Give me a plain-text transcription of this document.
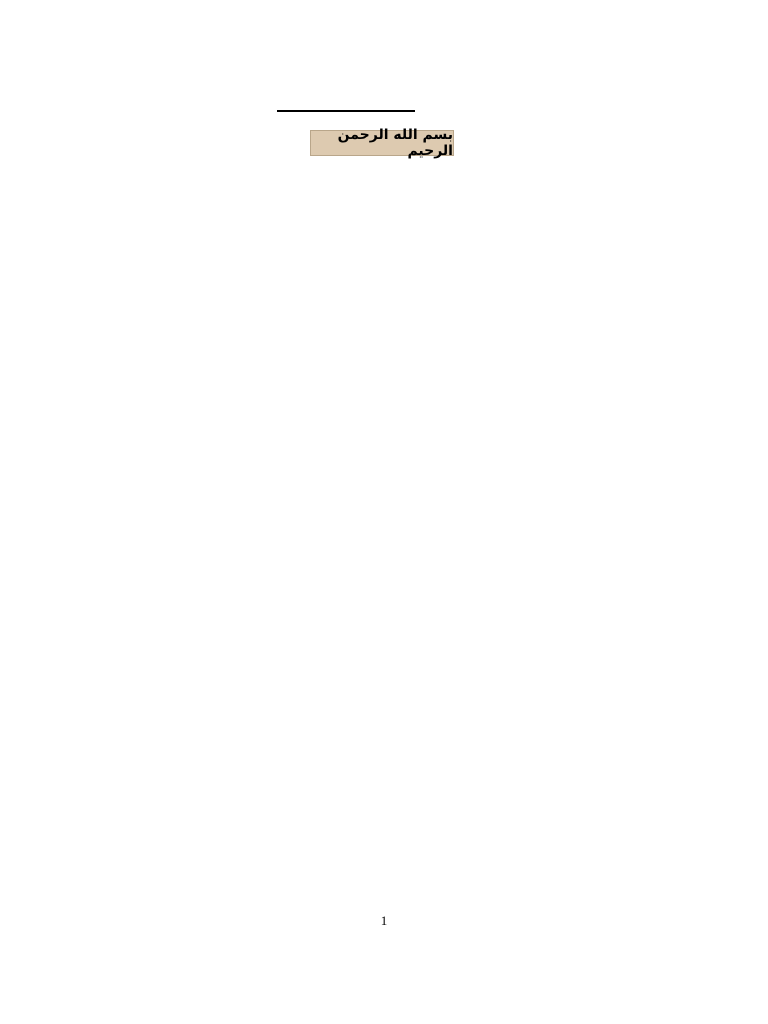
بسم الله الرحمن الرحيم

1
